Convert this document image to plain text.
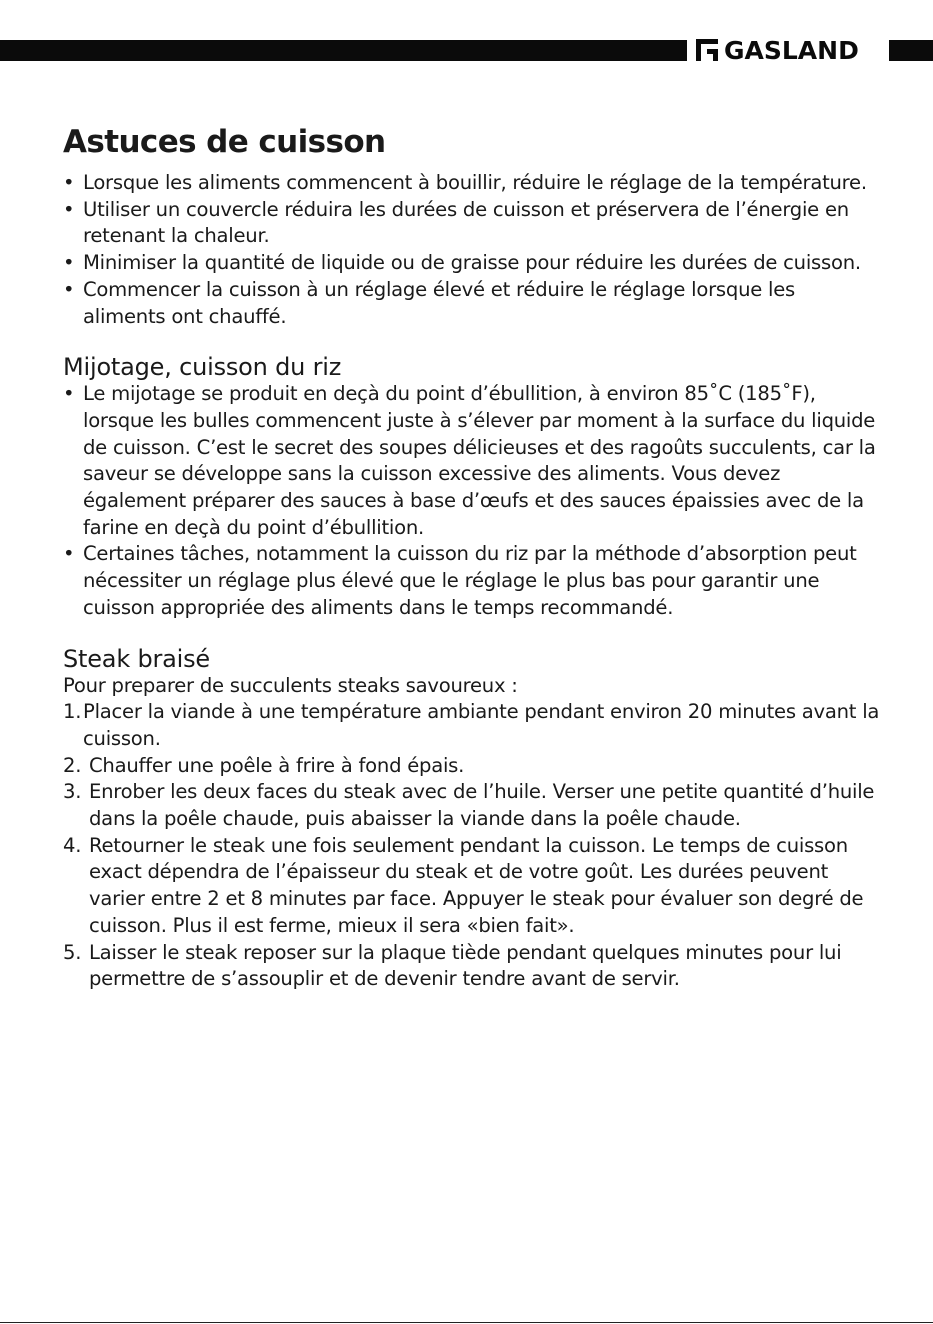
GASLAND
Astuces de cuisson
• Lorsque les aliments commencent à bouillir, réduire le réglage de la température.
• Utiliser un couvercle réduira les durées de cuisson et préservera de l’énergie en retenant la chaleur.
• Minimiser la quantité de liquide ou de graisse pour réduire les durées de cuisson.
• Commencer la cuisson à un réglage élevé et réduire le réglage lorsque les aliments ont chauffé.
Mijotage, cuisson du riz
• Le mijotage se produit en deçà du point d’ébullition, à environ 85˚C (185˚F), lorsque les bulles commencent juste à s’élever par moment à la surface du liquide de cuisson. C’est le secret des soupes délicieuses et des ragoûts succulents, car la saveur se développe sans la cuisson excessive des aliments. Vous devez également préparer des sauces à base d’œufs et des sauces épaissies avec de la farine en deçà du point d’ébullition.
• Certaines tâches, notamment la cuisson du riz par la méthode d’absorption peut nécessiter un réglage plus élevé que le réglage le plus bas pour garantir une cuisson appropriée des aliments dans le temps recommandé.
Steak braisé

Pour preparer de succulents steaks savoureux :

1. Placer la viande à une température ambiante pendant environ 20 minutes avant la cuisson.
2. Chauffer une poêle à frire à fond épais.
3. Enrober les deux faces du steak avec de l’huile. Verser une petite quantité d’huile dans la poêle chaude, puis abaisser la viande dans la poêle chaude.
4. Retourner le steak une fois seulement pendant la cuisson. Le temps de cuisson exact dépendra de l’épaisseur du steak et de votre goût. Les durées peuvent varier entre 2 et 8 minutes par face. Appuyer le steak pour évaluer son degré de cuisson. Plus il est ferme, mieux il sera «bien fait».
5. Laisser le steak reposer sur la plaque tiède pendant quelques minutes pour lui permettre de s’assouplir et de devenir tendre avant de servir.
